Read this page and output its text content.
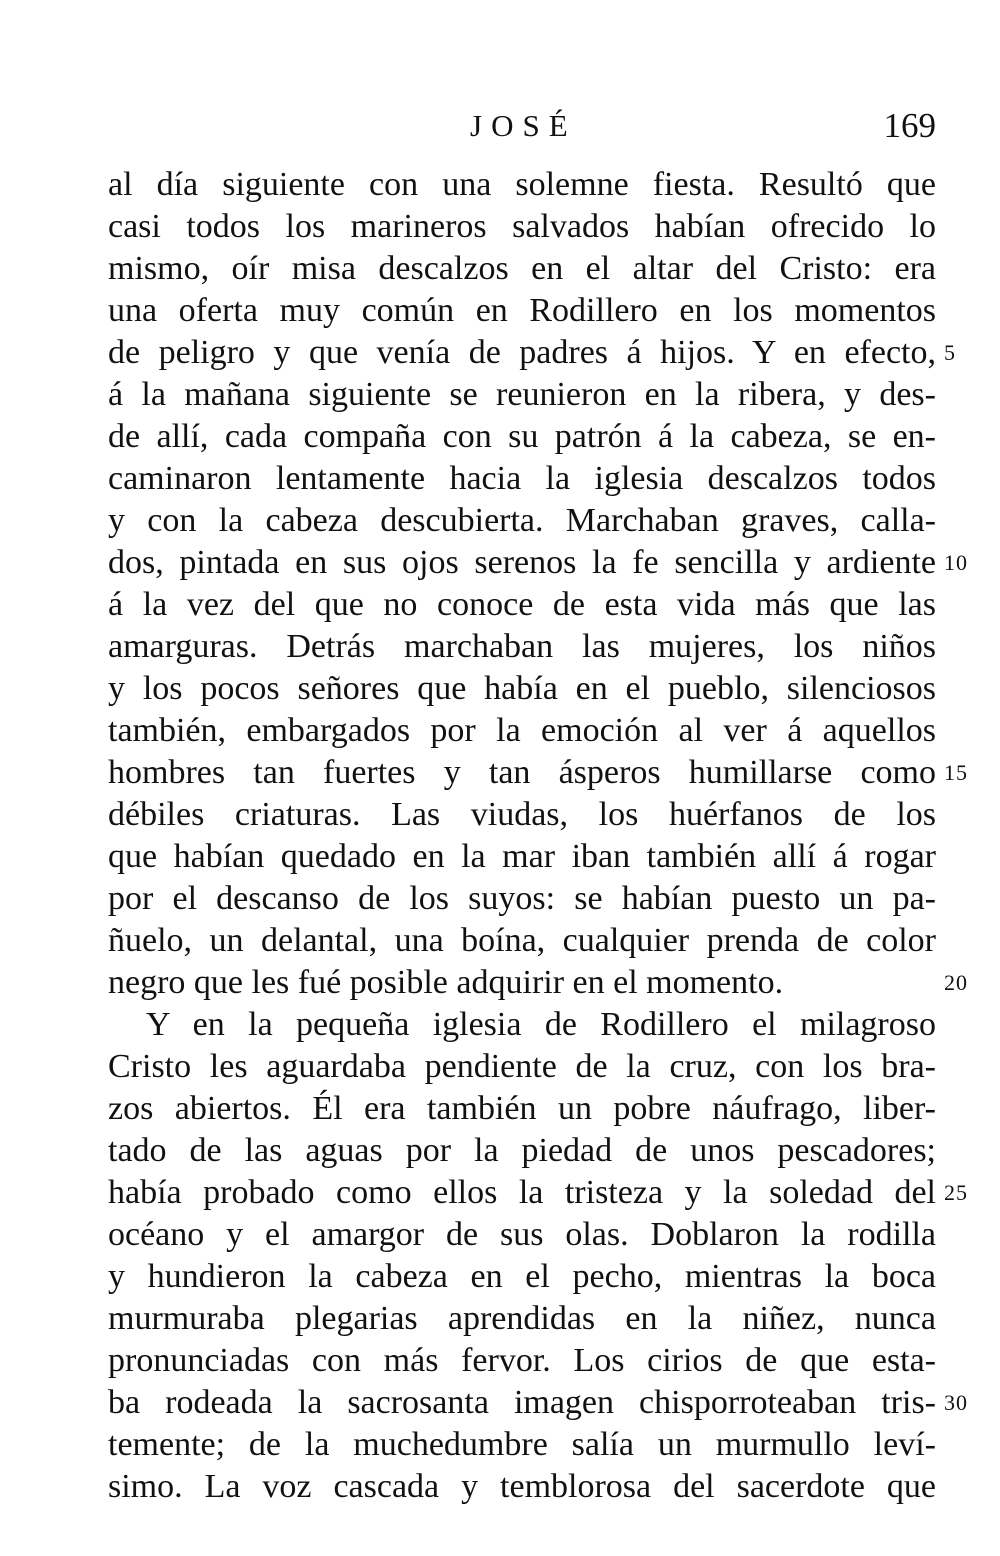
JOSÉ	169
al día siguiente con una solemne fiesta. Resultó que
casi todos los marineros salvados habían ofrecido lo
mismo, oír misa descalzos en el altar del Cristo: era
una oferta muy común en Rodillero en los momentos
de peligro y que venía de padres á hijos. Y en efecto,
á la mañana siguiente se reunieron en la ribera, y des-
de allí, cada compaña con su patrón á la cabeza, se en-
caminaron lentamente hacia la iglesia descalzos todos
y con la cabeza descubierta. Marchaban graves, calla-
dos, pintada en sus ojos serenos la fe sencilla y ardiente
á la vez del que no conoce de esta vida más que las
amarguras. Detrás marchaban las mujeres, los niños
y los pocos señores que había en el pueblo, silenciosos
también, embargados por la emoción al ver á aquellos
hombres tan fuertes y tan ásperos humillarse como
débiles criaturas. Las viudas, los huérfanos de los
que habían quedado en la mar iban también allí á rogar
por el descanso de los suyos: se habían puesto un pa-
ñuelo, un delantal, una boína, cualquier prenda de color
negro que les fué posible adquirir en el momento.
Y en la pequeña iglesia de Rodillero el milagroso
Cristo les aguardaba pendiente de la cruz, con los bra-
zos abiertos. Él era también un pobre náufrago, liber-
tado de las aguas por la piedad de unos pescadores;
había probado como ellos la tristeza y la soledad del
océano y el amargor de sus olas. Doblaron la rodilla
y hundieron la cabeza en el pecho, mientras la boca
murmuraba plegarias aprendidas en la niñez, nunca
pronunciadas con más fervor. Los cirios de que esta-
ba rodeada la sacrosanta imagen chisporroteaban tris-
temente; de la muchedumbre salía un murmullo leví-
simo. La voz cascada y temblorosa del sacerdote que
5
10
15
20
25
30
